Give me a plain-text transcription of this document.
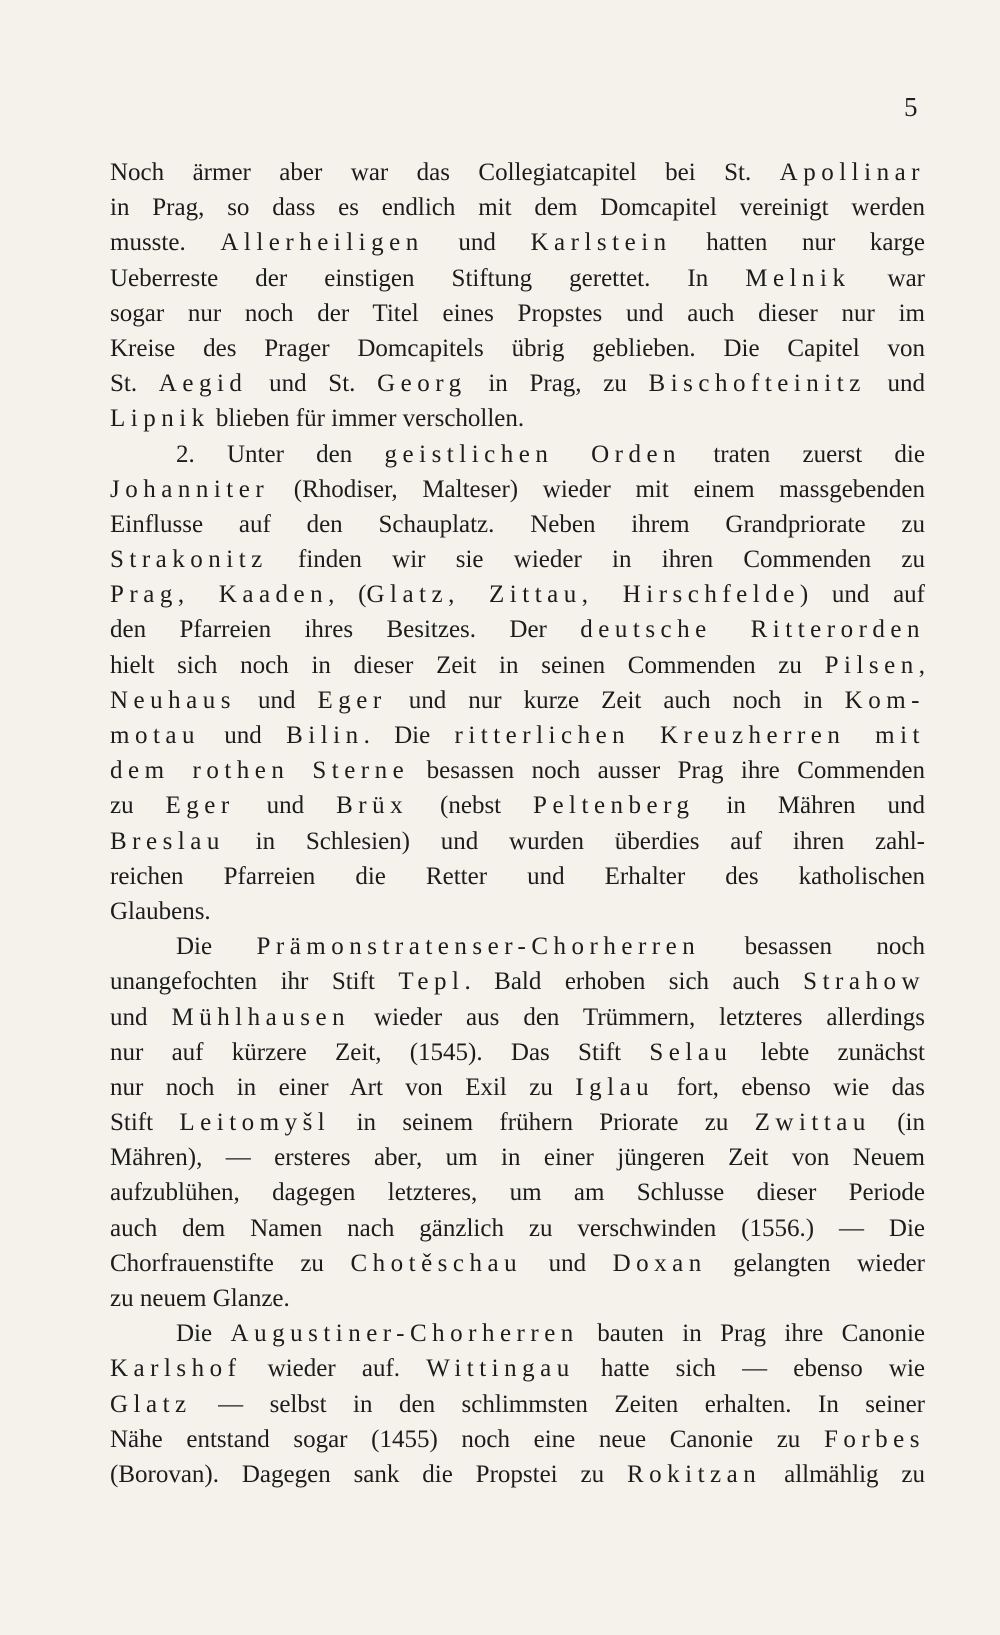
5
Noch ärmer aber war das Collegiatcapitel bei St. Apollinar
in Prag, so dass es endlich mit dem Domcapitel vereinigt werden
musste. Allerheiligen und Karlstein hatten nur karge
Ueberreste der einstigen Stiftung gerettet. In Melnik war
sogar nur noch der Titel eines Propstes und auch dieser nur im
Kreise des Prager Domcapitels übrig geblieben. Die Capitel von
St. Aegid und St. Georg in Prag, zu Bischofteinitz und
Lipnik blieben für immer verschollen.
2. Unter den geistlichen Orden traten zuerst die
Johanniter (Rhodiser, Malteser) wieder mit einem massgebenden
Einflusse auf den Schauplatz. Neben ihrem Grandpriorate zu
Strakonitz finden wir sie wieder in ihren Commenden zu
Prag, Kaaden, (Glatz, Zittau, Hirschfelde) und auf
den Pfarreien ihres Besitzes. Der deutsche Ritterorden
hielt sich noch in dieser Zeit in seinen Commenden zu Pilsen,
Neuhaus und Eger und nur kurze Zeit auch noch in Kom-
motau und Bilin. Die ritterlichen Kreuzherren mit
dem rothen Sterne besassen noch ausser Prag ihre Commenden
zu Eger und Brüx (nebst Peltenberg in Mähren und
Breslau in Schlesien) und wurden überdies auf ihren zahl-
reichen Pfarreien die Retter und Erhalter des katholischen
Glaubens.
Die Prämonstratenser-Chorherren besassen noch
unangefochten ihr Stift Tepl. Bald erhoben sich auch Strahow
und Mühlhausen wieder aus den Trümmern, letzteres allerdings
nur auf kürzere Zeit, (1545). Das Stift Selau lebte zunächst
nur noch in einer Art von Exil zu Iglau fort, ebenso wie das
Stift Leitomyšl in seinem frühern Priorate zu Zwittau (in
Mähren), — ersteres aber, um in einer jüngeren Zeit von Neuem
aufzublühen, dagegen letzteres, um am Schlusse dieser Periode
auch dem Namen nach gänzlich zu verschwinden (1556.) — Die
Chorfrauenstifte zu Chotěschau und Doxan gelangten wieder
zu neuem Glanze.
Die Augustiner-Chorherren bauten in Prag ihre Canonie
Karlshof wieder auf. Wittingau hatte sich — ebenso wie
Glatz — selbst in den schlimmsten Zeiten erhalten. In seiner
Nähe entstand sogar (1455) noch eine neue Canonie zu Forbes
(Borovan). Dagegen sank die Propstei zu Rokitzan allmählig zu
